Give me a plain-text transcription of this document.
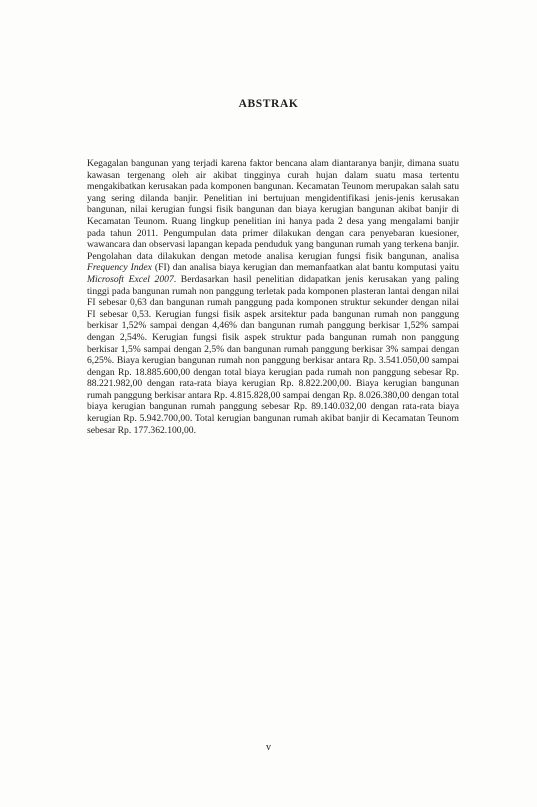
ABSTRAK

Kegagalan bangunan yang terjadi karena faktor bencana alam diantaranya banjir, dimana suatu kawasan tergenang oleh air akibat tingginya curah hujan dalam suatu masa tertentu mengakibatkan kerusakan pada komponen bangunan. Kecamatan Teunom merupakan salah satu yang sering dilanda banjir. Penelitian ini bertujuan mengidentifikasi jenis-jenis kerusakan bangunan, nilai kerugian fungsi fisik bangunan dan biaya kerugian bangunan akibat banjir di Kecamatan Teunom. Ruang lingkup penelitian ini hanya pada 2 desa yang mengalami banjir pada tahun 2011. Pengumpulan data primer dilakukan dengan cara penyebaran kuesioner, wawancara dan observasi lapangan kepada penduduk yang bangunan rumah yang terkena banjir. Pengolahan data dilakukan dengan metode analisa kerugian fungsi fisik bangunan, analisa Frequency Index (FI) dan analisa biaya kerugian dan memanfaatkan alat bantu komputasi yaitu Microsoft Excel 2007. Berdasarkan hasil penelitian didapatkan jenis kerusakan yang paling tinggi pada bangunan rumah non panggung terletak pada komponen plasteran lantai dengan nilai FI sebesar 0,63 dan bangunan rumah panggung pada komponen struktur sekunder dengan nilai FI sebesar 0,53. Kerugian fungsi fisik aspek arsitektur pada bangunan rumah non panggung berkisar 1,52% sampai dengan 4,46% dan bangunan rumah panggung berkisar 1,52% sampai dengan 2,54%. Kerugian fungsi fisik aspek struktur pada bangunan rumah non panggung berkisar 1,5% sampai dengan 2,5% dan bangunan rumah panggung berkisar 3% sampai dengan 6,25%. Biaya kerugian bangunan rumah non panggung berkisar antara Rp. 3.541.050,00 sampai dengan Rp. 18.885.600,00 dengan total biaya kerugian pada rumah non panggung sebesar Rp. 88.221.982,00 dengan rata-rata biaya kerugian Rp. 8.822.200,00. Biaya kerugian bangunan rumah panggung berkisar antara Rp. 4.815.828,00 sampai dengan Rp. 8.026.380,00 dengan total biaya kerugian bangunan rumah panggung sebesar Rp. 89.140.032,00 dengan rata-rata biaya kerugian Rp. 5.942.700,00. Total kerugian bangunan rumah akibat banjir di Kecamatan Teunom sebesar Rp. 177.362.100,00.

v
